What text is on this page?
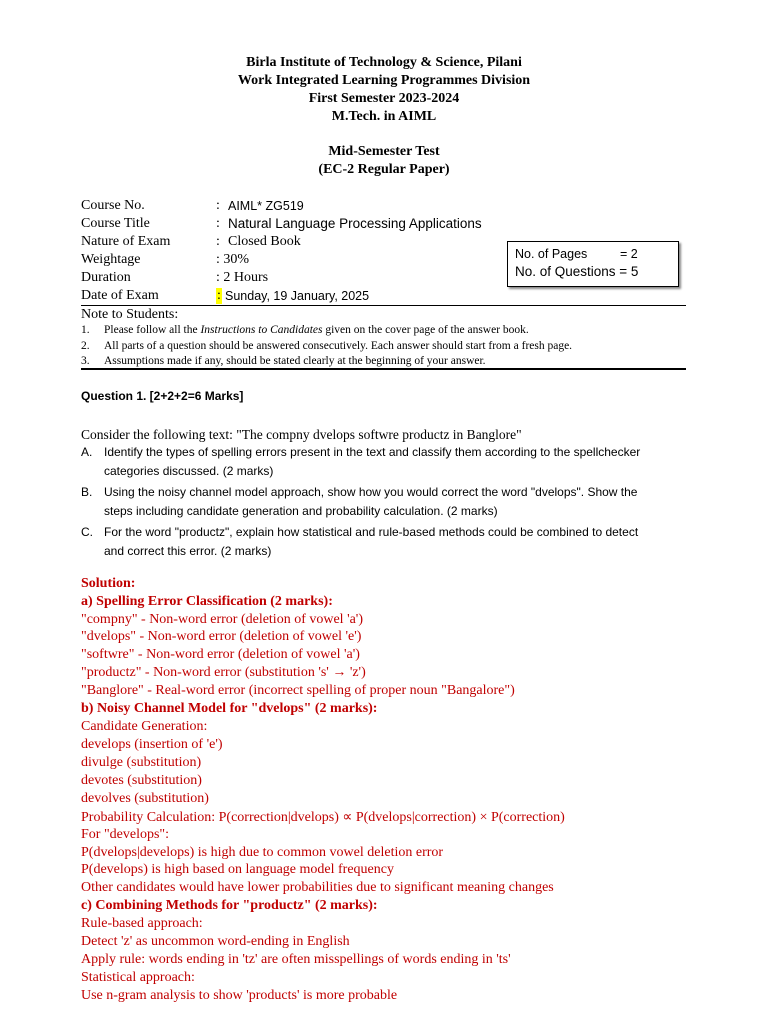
Birla Institute of Technology & Science, Pilani
Work Integrated Learning Programmes Division
First Semester 2023-2024
M.Tech. in AIML
Mid-Semester Test
(EC-2 Regular Paper)
Course No.	: AIML* ZG519
Course Title	: Natural Language Processing Applications
Nature of Exam	: Closed Book
Weightage	: 30%
Duration	: 2 Hours
Date of Exam	: Sunday, 19 January, 2025
No. of Pages	= 2
No. of Questions = 5
Note to Students:
1. Please follow all the Instructions to Candidates given on the cover page of the answer book.
2. All parts of a question should be answered consecutively. Each answer should start from a fresh page.
3. Assumptions made if any, should be stated clearly at the beginning of your answer.
Question 1. [2+2+2=6 Marks]
Consider the following text: "The compny dvelops softwre productz in Banglore"
A. Identify the types of spelling errors present in the text and classify them according to the spellchecker
categories discussed. (2 marks)
B. Using the noisy channel model approach, show how you would correct the word "dvelops". Show the
steps including candidate generation and probability calculation. (2 marks)
C. For the word "productz", explain how statistical and rule-based methods could be combined to detect
and correct this error. (2 marks)
Solution:
a) Spelling Error Classification (2 marks):
"compny" - Non-word error (deletion of vowel 'a')
"dvelops" - Non-word error (deletion of vowel 'e')
"softwre" - Non-word error (deletion of vowel 'a')
"productz" - Non-word error (substitution 's' → 'z')
"Banglore" - Real-word error (incorrect spelling of proper noun "Bangalore")
b) Noisy Channel Model for "dvelops" (2 marks):
Candidate Generation:
develops (insertion of 'e')
divulge (substitution)
devotes (substitution)
devolves (substitution)
Probability Calculation: P(correction|dvelops) ∝ P(dvelops|correction) × P(correction)
For "develops":
P(dvelops|develops) is high due to common vowel deletion error
P(develops) is high based on language model frequency
Other candidates would have lower probabilities due to significant meaning changes
c) Combining Methods for "productz" (2 marks):
Rule-based approach:
Detect 'z' as uncommon word-ending in English
Apply rule: words ending in 'tz' are often misspellings of words ending in 'ts'
Statistical approach:
Use n-gram analysis to show 'products' is more probable
